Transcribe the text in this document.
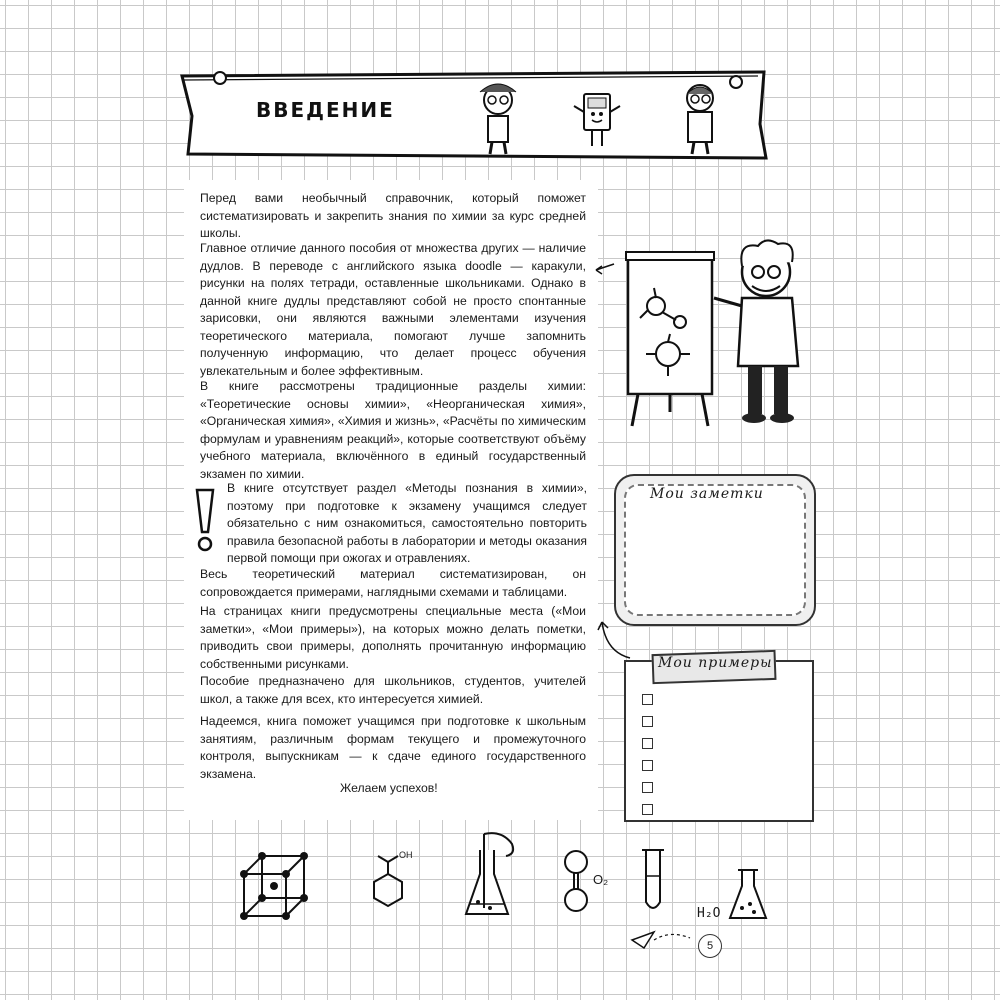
ВВЕДЕНИЕ

Перед вами необычный справочник, который поможет систематизировать и закрепить знания по химии за курс средней школы.

Главное отличие данного пособия от множества других — наличие дудлов. В переводе с английского языка doodle — каракули, рисунки на полях тетради, оставленные школьниками. Однако в данной книге дудлы представляют собой не просто спонтанные зарисовки, они являются важными элементами изучения теоретического материала, помогают лучше запомнить полученную информацию, что делает процесс обучения увлекательным и более эффективным.

В книге рассмотрены традиционные разделы химии: «Теоретические основы химии», «Неорганическая химия», «Органическая химия», «Химия и жизнь», «Расчёты по химическим формулам и уравнениям реакций», которые соответствуют объёму учебного материала, включённого в единый государственный экзамен по химии.

В книге отсутствует раздел «Методы познания в химии», поэтому при подготовке к экзамену учащимся следует обязательно с ним ознакомиться, самостоятельно повторить правила безопасной работы в лаборатории и методы оказания первой помощи при ожогах и отравлениях.

Весь теоретический материал систематизирован, он сопровождается примерами, наглядными схемами и таблицами.

На страницах книги предусмотрены специальные места («Мои заметки», «Мои примеры»), на которых можно делать пометки, приводить свои примеры, дополнять прочитанную информацию собственными рисунками.

Пособие предназначено для школьников, студентов, учителей школ, а также для всех, кто интересуется химией.

Надеемся, книга поможет учащимся при подготовке к школьным занятиям, различным формам текущего и промежуточного контроля, выпускникам — к сдаче единого государственного экзамена.

Желаем успехов!
Мои заметки
Мои примеры
OH
O₂
H₂O
5
